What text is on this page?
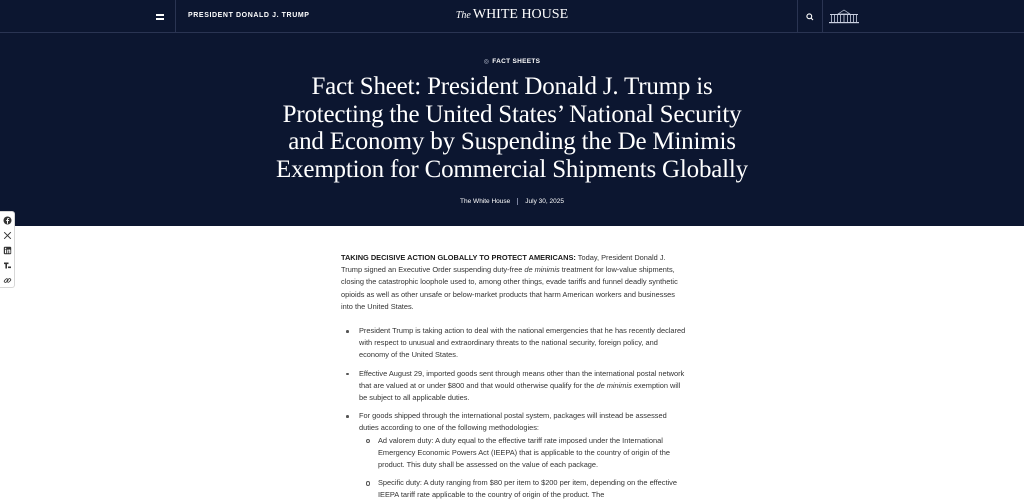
PRESIDENT DONALD J. TRUMP	The WHITE HOUSE
◎ FACT SHEETS
Fact Sheet: President Donald J. Trump is Protecting the United States’ National Security and Economy by Suspending the De Minimis Exemption for Commercial Shipments Globally
The White House July 30, 2025

TAKING DECISIVE ACTION GLOBALLY TO PROTECT AMERICANS: Today, President Donald J. Trump signed an Executive Order suspending duty-free de minimis treatment for low-value shipments, closing the catastrophic loophole used to, among other things, evade tariffs and funnel deadly synthetic opioids as well as other unsafe or below-market products that harm American workers and businesses into the United States.

President Trump is taking action to deal with the national emergencies that he has recently declared with respect to unusual and extraordinary threats to the national security, foreign policy, and economy of the United States.
Effective August 29, imported goods sent through means other than the international postal network that are valued at or under $800 and that would otherwise qualify for the de minimis exemption will be subject to all applicable duties.
For goods shipped through the international postal system, packages will instead be assessed duties according to one of the following methodologies:
Ad valorem duty: A duty equal to the effective tariff rate imposed under the International Emergency Economic Powers Act (IEEPA) that is applicable to the country of origin of the product. This duty shall be assessed on the value of each package.
Specific duty: A duty ranging from $80 per item to $200 per item, depending on the effective IEEPA tariff rate applicable to the country of origin of the product. The
